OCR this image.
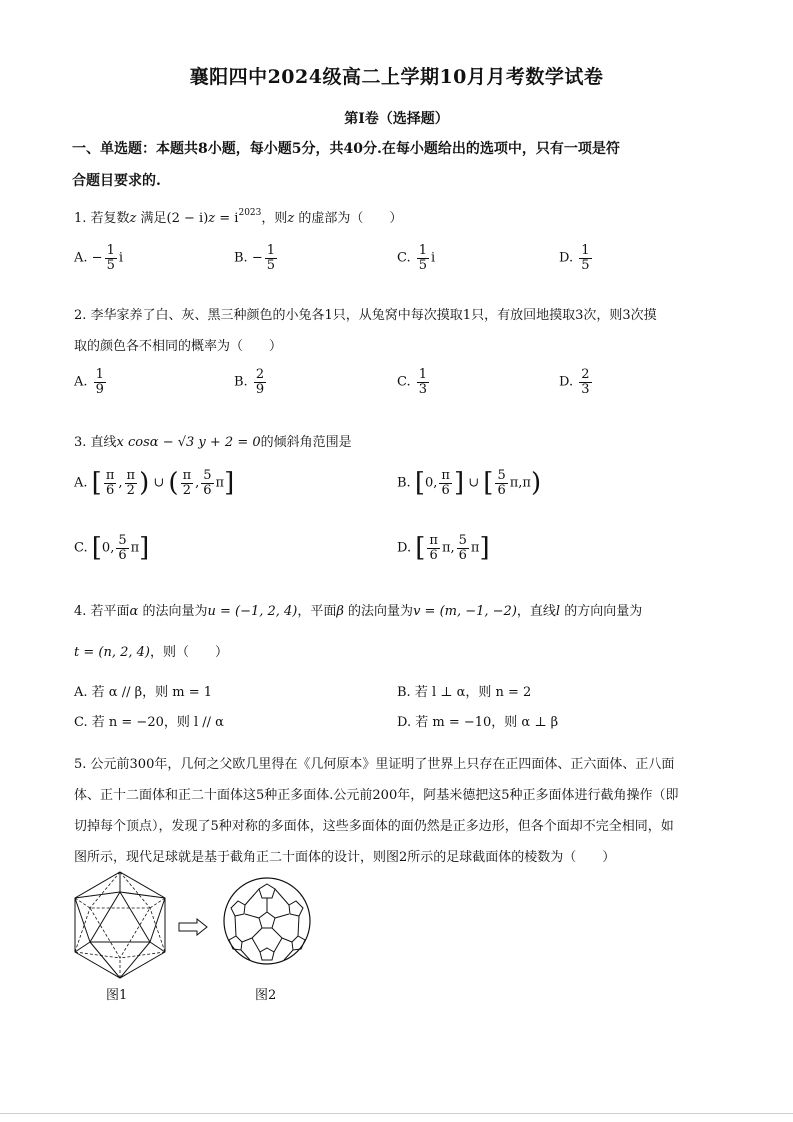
襄阳四中2024级高二上学期10月月考数学试卷
第I卷（选择题）
一、单选题：本题共8小题，每小题5分，共40分.在每小题给出的选项中，只有一项是符
合题目要求的.
1. 若复数z 满足$(2 - i)z = i^{2023}$，则z 的虚部为（　　）
A. − $\frac{1}{5}$ i	B. − $\frac{1}{5}$	C. $\frac{1}{5}$ i	D. $\frac{1}{5}$
2. 李华家养了白、灰、黑三种颜色的小兔各1只，从兔窝中每次摸取1只，有放回地摸取3次，则3次摸
取的颜色各不相同的概率为（　　）
A. $\frac{1}{9}$	B. $\frac{2}{9}$	C. $\frac{1}{3}$	D. $\frac{2}{3}$
3. 直线x cosα − √3 y + 2 = 0的倾斜角范围是
A. [ $\frac{\pi}{6}$ , $\frac{\pi}{2}$ ) ∪ ( $\frac{\pi}{2}$ , $\frac{5}{6} \pi$]	B. [0, $\frac{\pi}{6}$ ] ∪ [ $\frac{5}{6} \pi,\pi$)
C. [0, $\frac{5}{6} \pi$]	D. [ $\frac{\pi}{6} \pi$, $\frac{5}{6} \pi$]
4. 若平面α 的法向量为u = (−1, 2, 4)，平面β 的法向量为v = (m, −1, −2)，直线l 的方向向量为
t = (n, 2, 4)，则（　　）
A. 若 α // β，则 m = 1	B. 若 l ⊥ α，则 n = 2
C. 若 n = −20，则 l // α	D. 若 m = −10，则 α ⊥ β
5. 公元前300年，几何之父欧几里得在《几何原本》里证明了世界上只存在正四面体、正六面体、正八面
体、正十二面体和正二十面体这5种正多面体.公元前200年，阿基米德把这5种正多面体进行截角操作（即
切掉每个顶点），发现了5种对称的多面体，这些多面体的面仍然是正多边形，但各个面却不完全相同，如
图所示，现代足球就是基于截角正二十面体的设计，则图2所示的足球截面体的棱数为（　　）
图1	图2
